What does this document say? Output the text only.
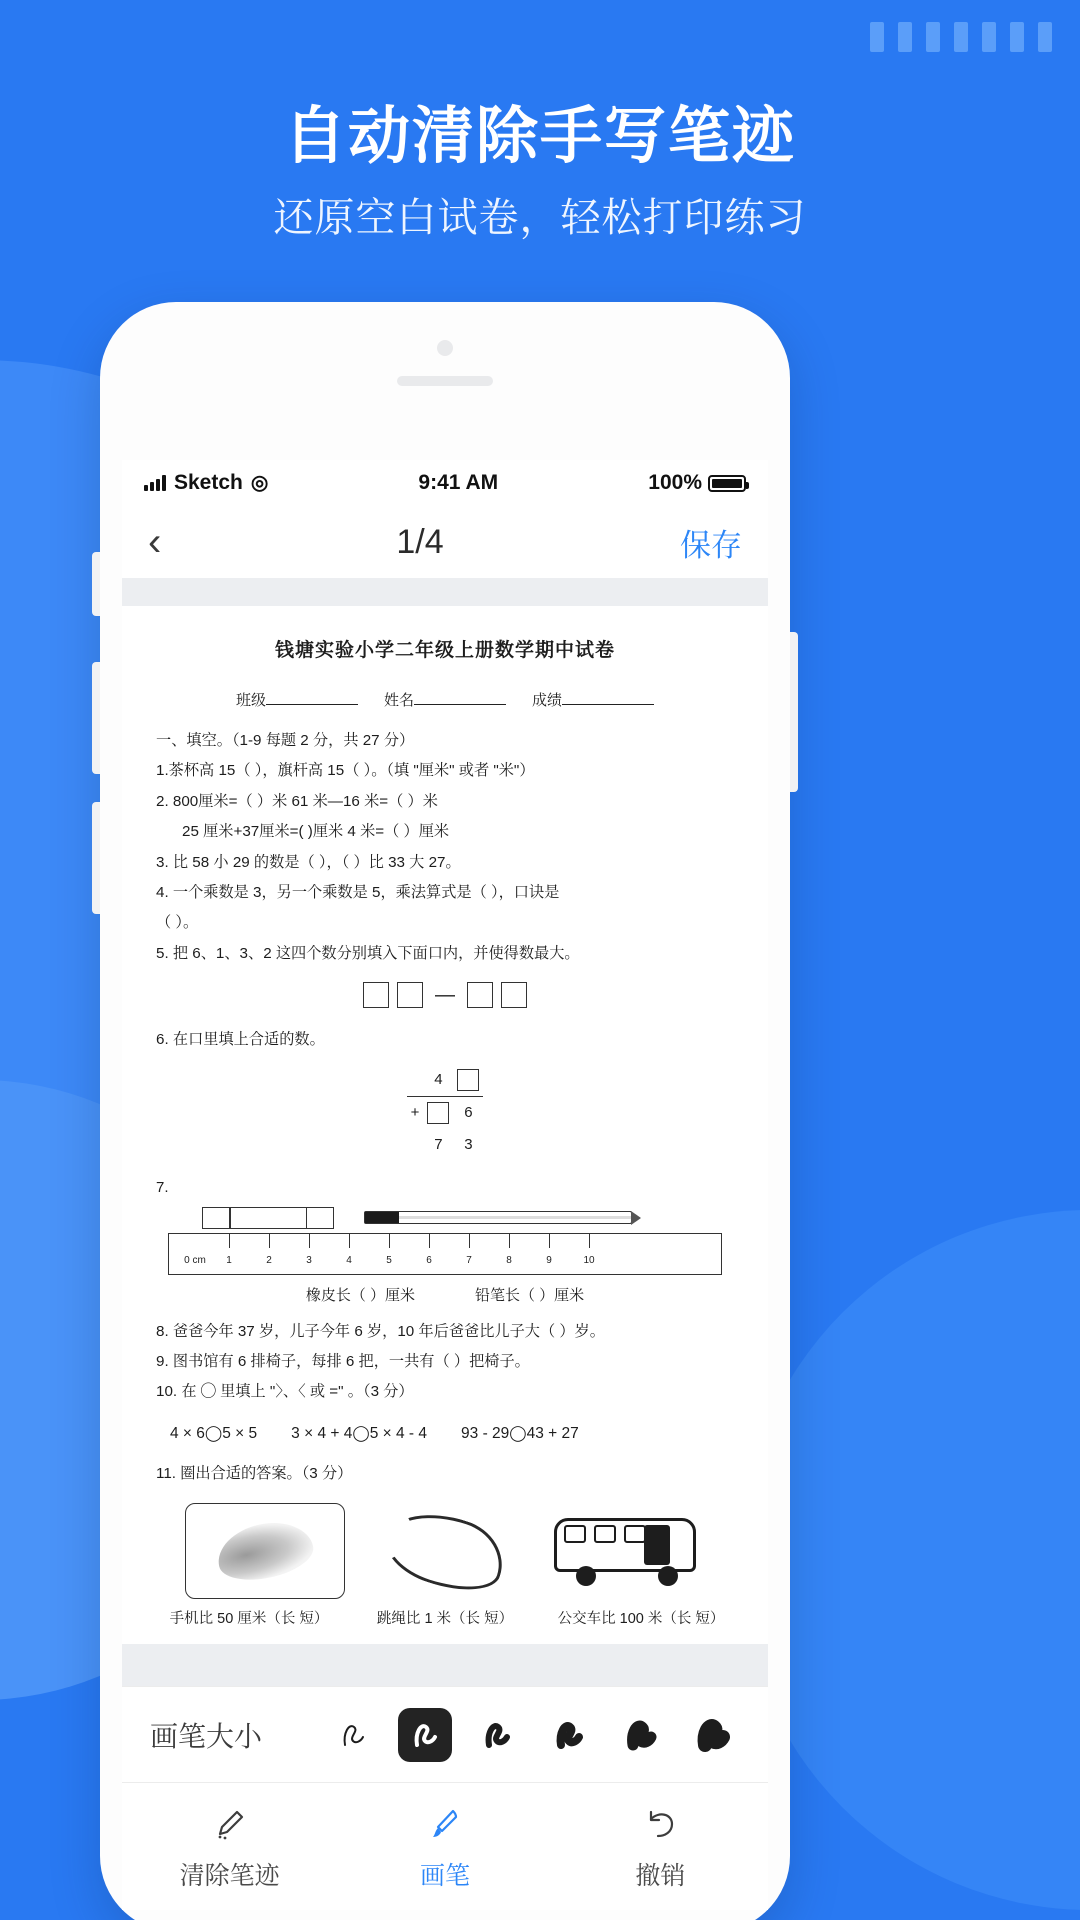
自动清除手写笔迹
还原空白试卷，轻松打印练习
Sketch ◎	9:41 AM	100%
‹	1/4	保存
钱塘实验小学二年级上册数学期中试卷
班级	姓名	成绩
一、填空。（1-9 每题 2 分，共 27 分）
1.茶杯高 15（ ），旗杆高 15（ ）。（填 "厘米" 或者 "米"）
2. 800厘米=（ ）米 61 米—16 米=（ ）米
25 厘米+37厘米=( )厘米 4 米=（ ）厘米
3. 比 58 小 29 的数是（ ），（ ）比 33 大 27。
4. 一个乘数是 3，另一个乘数是 5，乘法算式是（ ），口诀是
（ ）。
5. 把 6、1、3、2 这四个数分别填入下面口内，并使得数最大。
—
6. 在口里填上合适的数。
	4	
+		6
	7	3
7.
0 cm 1	2	3	4	5	6	7	8	9	10
橡皮长（ ）厘米	铅笔长（ ）厘米
8. 爸爸今年 37 岁，儿子今年 6 岁，10 年后爸爸比儿子大（ ）岁。
9. 图书馆有 6 排椅子，每排 6 把，一共有（ ）把椅子。
10. 在 ◯ 里填上 "〉、〈 或 =" 。（3 分）
4 × 6◯5 × 5 3 × 4 + 4◯5 × 4 - 4 93 - 29◯43 + 27
11. 圈出合适的答案。（3 分）
手机比 50 厘米（长 短）	跳绳比 1 米（长 短）	公交车比 100 米（长 短）
画笔大小
清除笔迹	画笔	撤销
